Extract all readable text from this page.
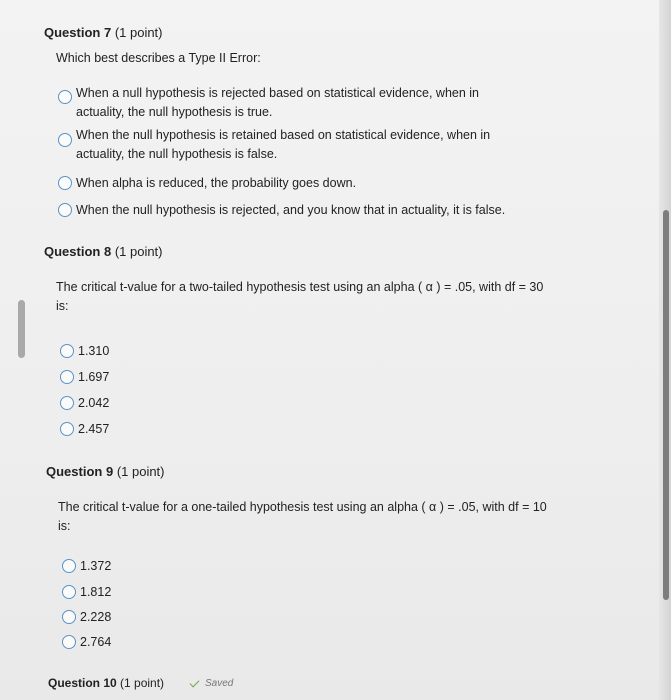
Question 7 (1 point)
Which best describes a Type II Error:
When a null hypothesis is rejected based on statistical evidence, when in actuality, the null hypothesis is true.
When the null hypothesis is retained based on statistical evidence, when in actuality, the null hypothesis is false.
When alpha is reduced, the probability goes down.
When the null hypothesis is rejected, and you know that in actuality, it is false.
Question 8 (1 point)
The critical t-value for a two-tailed hypothesis test using an alpha ( α ) = .05, with df = 30 is:
1.310
1.697
2.042
2.457
Question 9 (1 point)
The critical t-value for a one-tailed hypothesis test using an alpha ( α ) = .05, with df = 10 is:
1.372
1.812
2.228
2.764
Question 10 (1 point)	Saved
